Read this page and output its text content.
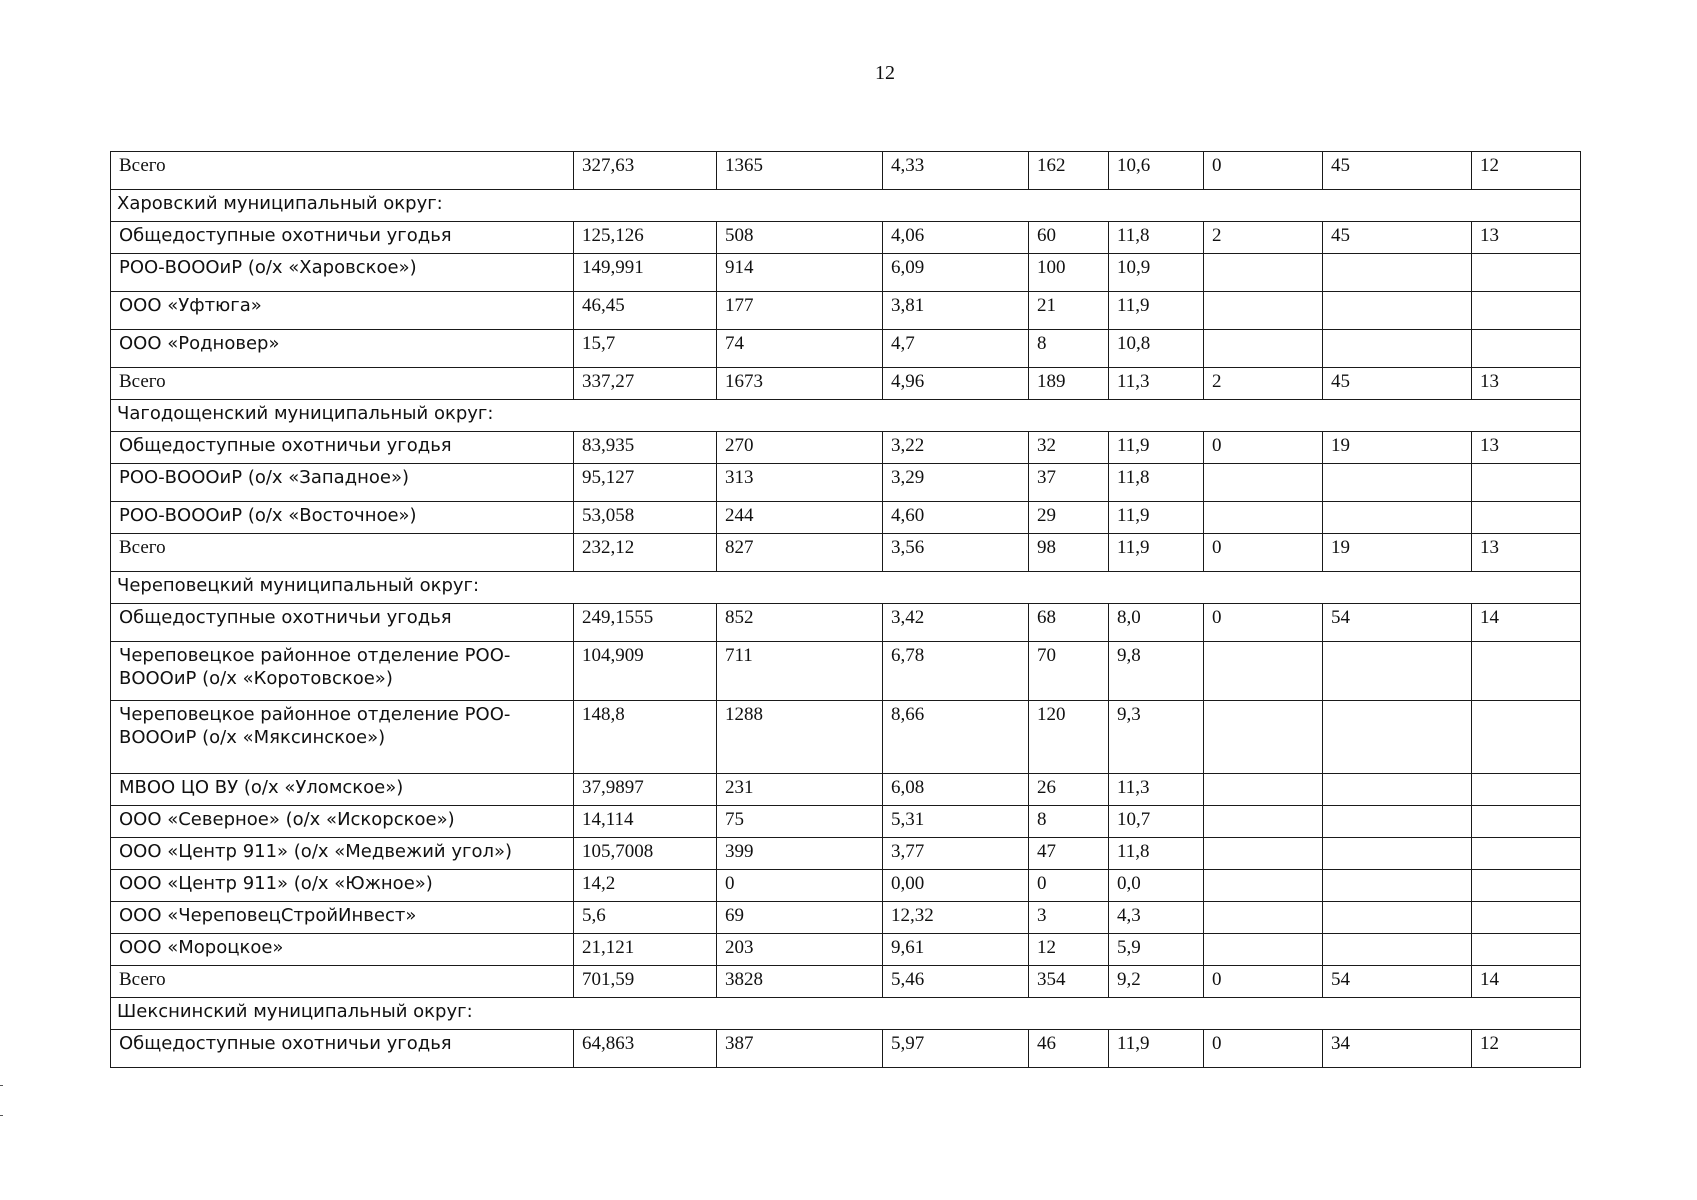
12
Всего	327,63	1365	4,33	162	10,6	0	45	12
Харовский муниципальный округ:								
Общедоступные охотничьи угодья	125,126	508	4,06	60	11,8	2	45	13
РОО-ВОООиР (о/х «Харовское»)	149,991	914	6,09	100	10,9			
ООО «Уфтюга»	46,45	177	3,81	21	11,9			
ООО «Родновер»	15,7	74	4,7	8	10,8			
Всего	337,27	1673	4,96	189	11,3	2	45	13
Чагодощенский муниципальный округ:								
Общедоступные охотничьи угодья	83,935	270	3,22	32	11,9	0	19	13
РОО-ВОООиР (о/х «Западное»)	95,127	313	3,29	37	11,8			
РОО-ВОООиР (о/х «Восточное»)	53,058	244	4,60	29	11,9			
Всего	232,12	827	3,56	98	11,9	0	19	13
Череповецкий муниципальный округ:								
Общедоступные охотничьи угодья	249,1555	852	3,42	68	8,0	0	54	14
Череповецкое районное отделение РОО-ВОООиР (о/х «Коротовское»)	104,909	711	6,78	70	9,8			
Череповецкое районное отделение РОО-ВОООиР (о/х «Мяксинское»)	148,8	1288	8,66	120	9,3			
МВОО ЦО ВУ (о/х «Уломское»)	37,9897	231	6,08	26	11,3			
ООО «Северное» (о/х «Искорское»)	14,114	75	5,31	8	10,7			
ООО «Центр 911» (о/х «Медвежий угол»)	105,7008	399	3,77	47	11,8			
ООО «Центр 911» (о/х «Южное»)	14,2	0	0,00	0	0,0			
ООО «ЧереповецСтройИнвест»	5,6	69	12,32	3	4,3			
ООО «Мороцкое»	21,121	203	9,61	12	5,9			
Всего	701,59	3828	5,46	354	9,2	0	54	14
Шекснинский муниципальный округ:								
Общедоступные охотничьи угодья	64,863	387	5,97	46	11,9	0	34	12
